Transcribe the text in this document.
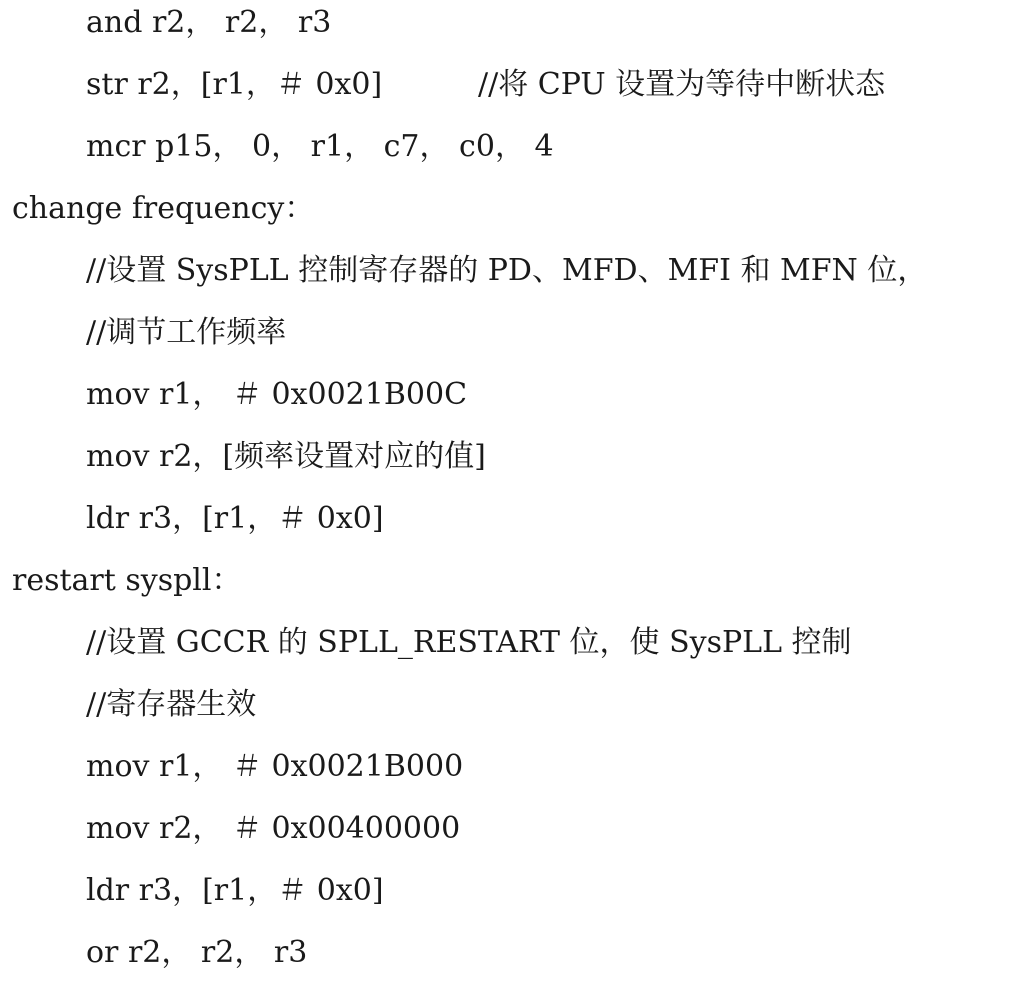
and r2， r2， r3
str r2，[r1，＃ 0x0]	//将 CPU 设置为等待中断状态
mcr p15， 0， r1， c7， c0， 4
change frequency：
//设置 SysPLL 控制寄存器的 PD、MFD、MFI 和 MFN 位，
//调节工作频率
mov r1， ＃ 0x0021B00C
mov r2，[频率设置对应的值]
ldr r3，[r1，＃ 0x0]
restart syspll：
//设置 GCCR 的 SPLL_RESTART 位，使 SysPLL 控制
//寄存器生效
mov r1， ＃ 0x0021B000
mov r2， ＃ 0x00400000
ldr r3，[r1，＃ 0x0]
or r2， r2， r3
